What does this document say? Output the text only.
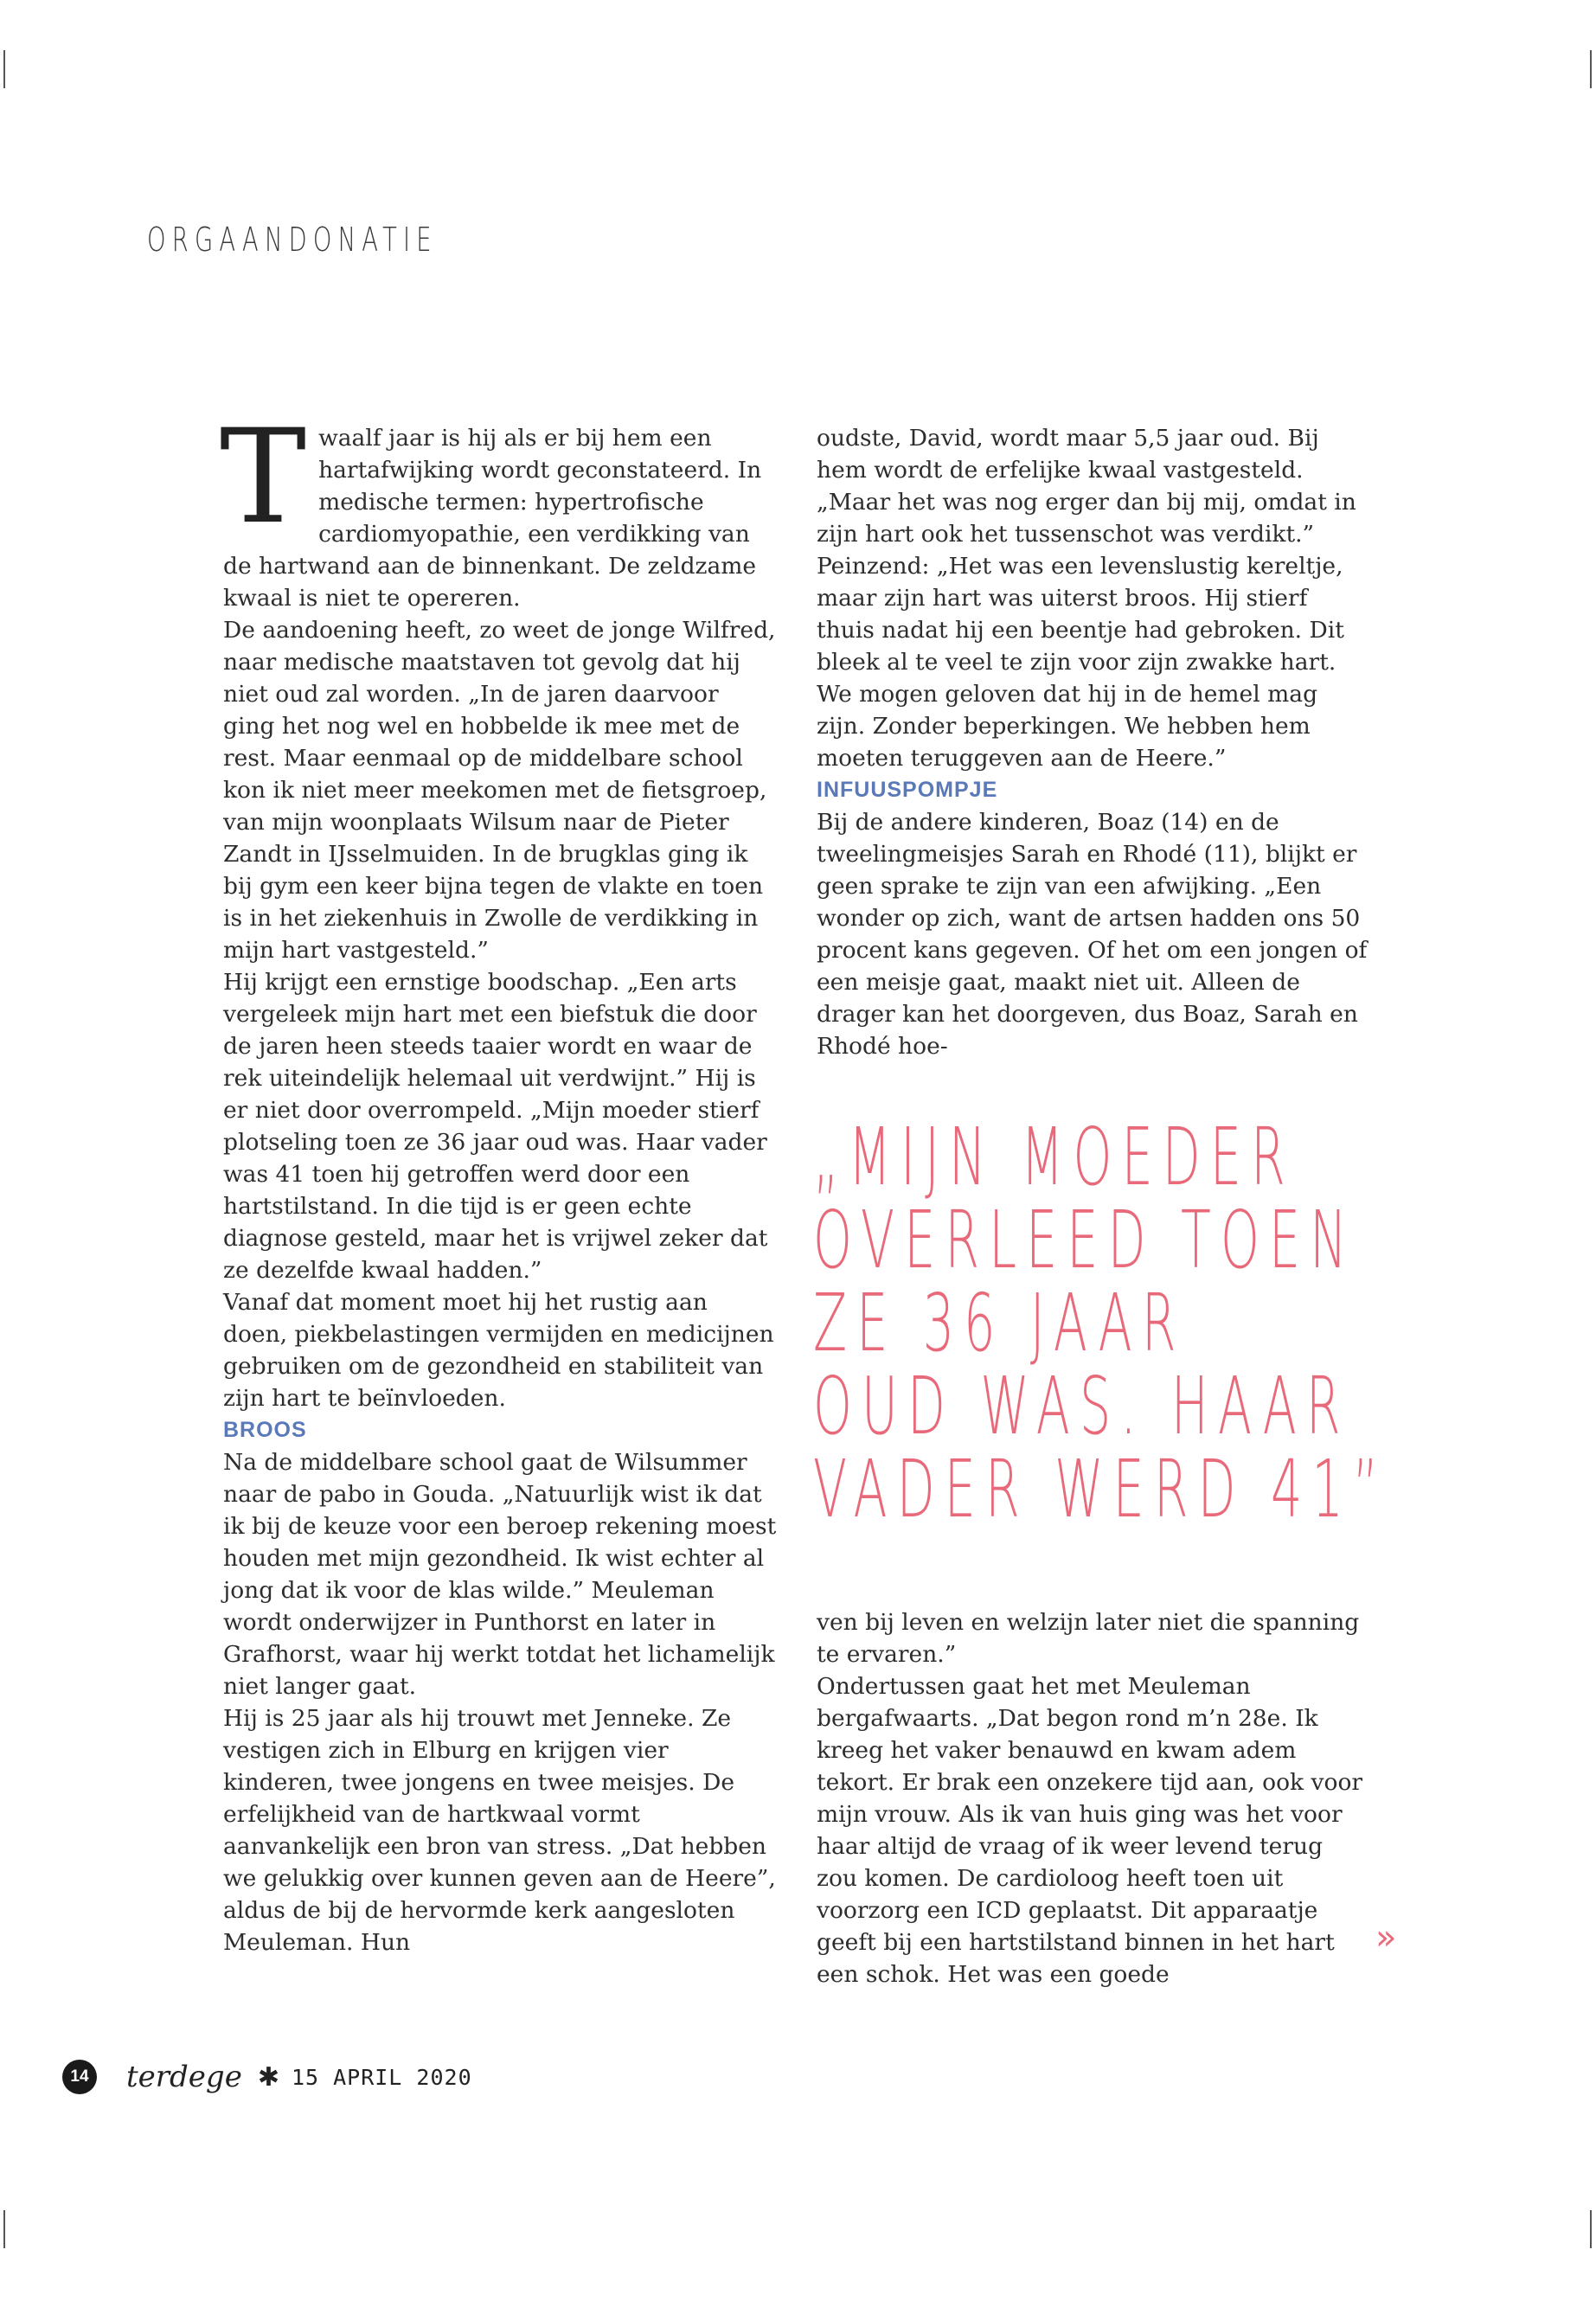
ORGAANDONATIE

Twaalf jaar is hij als er bij hem een hartafwijking wordt geconstateerd. In medische termen: hypertrofische cardiomyopathie, een verdikking van de hartwand aan de binnenkant. De zeldzame kwaal is niet te opereren.

De aandoening heeft, zo weet de jonge Wilfred, naar medische maatstaven tot gevolg dat hij niet oud zal worden. „In de jaren daarvoor ging het nog wel en hobbelde ik mee met de rest. Maar eenmaal op de middelbare school kon ik niet meer meekomen met de fietsgroep, van mijn woonplaats Wilsum naar de Pieter Zandt in IJsselmuiden. In de brugklas ging ik bij gym een keer bijna tegen de vlakte en toen is in het ziekenhuis in Zwolle de verdikking in mijn hart vastgesteld.”

Hij krijgt een ernstige boodschap. „Een arts vergeleek mijn hart met een biefstuk die door de jaren heen steeds taaier wordt en waar de rek uiteindelijk helemaal uit verdwijnt.” Hij is er niet door overrompeld. „Mijn moeder stierf plotseling toen ze 36 jaar oud was. Haar vader was 41 toen hij getroffen werd door een hartstilstand. In die tijd is er geen echte diagnose gesteld, maar het is vrijwel zeker dat ze dezelfde kwaal hadden.”

Vanaf dat moment moet hij het rustig aan doen, piekbelastingen vermijden en medicijnen gebruiken om de gezondheid en stabiliteit van zijn hart te beïnvloeden.

BROOS

Na de middelbare school gaat de Wilsummer naar de pabo in Gouda. „Natuurlijk wist ik dat ik bij de keuze voor een beroep rekening moest houden met mijn gezondheid. Ik wist echter al jong dat ik voor de klas wilde.” Meuleman wordt onderwijzer in Punthorst en later in Grafhorst, waar hij werkt totdat het lichamelijk niet langer gaat.

Hij is 25 jaar als hij trouwt met Jenneke. Ze vestigen zich in Elburg en krijgen vier kinderen, twee jongens en twee meisjes. De erfelijkheid van de hartkwaal vormt aanvankelijk een bron van stress. „Dat hebben we gelukkig over kunnen geven aan de Heere”, aldus de bij de hervormde kerk aangesloten Meuleman. Hun

oudste, David, wordt maar 5,5 jaar oud. Bij hem wordt de erfelijke kwaal vastgesteld. „Maar het was nog erger dan bij mij, omdat in zijn hart ook het tussenschot was verdikt.” Peinzend: „Het was een levenslustig kereltje, maar zijn hart was uiterst broos. Hij stierf thuis nadat hij een beentje had gebroken. Dit bleek al te veel te zijn voor zijn zwakke hart. We mogen geloven dat hij in de hemel mag zijn. Zonder beperkingen. We hebben hem moeten teruggeven aan de Heere.”

INFUUSPOMPJE

Bij de andere kinderen, Boaz (14) en de tweelingmeisjes Sarah en Rhodé (11), blijkt er geen sprake te zijn van een afwijking. „Een wonder op zich, want de artsen hadden ons 50 procent kans gegeven. Of het om een jongen of een meisje gaat, maakt niet uit. Alleen de drager kan het doorgeven, dus Boaz, Sarah en Rhodé hoe-

„MIJN MOEDER
OVERLEED TOEN
ZE 36 JAAR
OUD WAS. HAAR
VADER WERD 41”

ven bij leven en welzijn later niet die spanning te ervaren.”

Ondertussen gaat het met Meuleman bergafwaarts. „Dat begon rond m’n 28e. Ik kreeg het vaker benauwd en kwam adem tekort. Er brak een onzekere tijd aan, ook voor mijn vrouw. Als ik van huis ging was het voor haar altijd de vraag of ik weer levend terug zou komen. De cardioloog heeft toen uit voorzorg een ICD geplaatst. Dit apparaatje geeft bij een hartstilstand binnen in het hart een schok. Het was een goede

»
14 terdege ✱ 15 APRIL 2020
